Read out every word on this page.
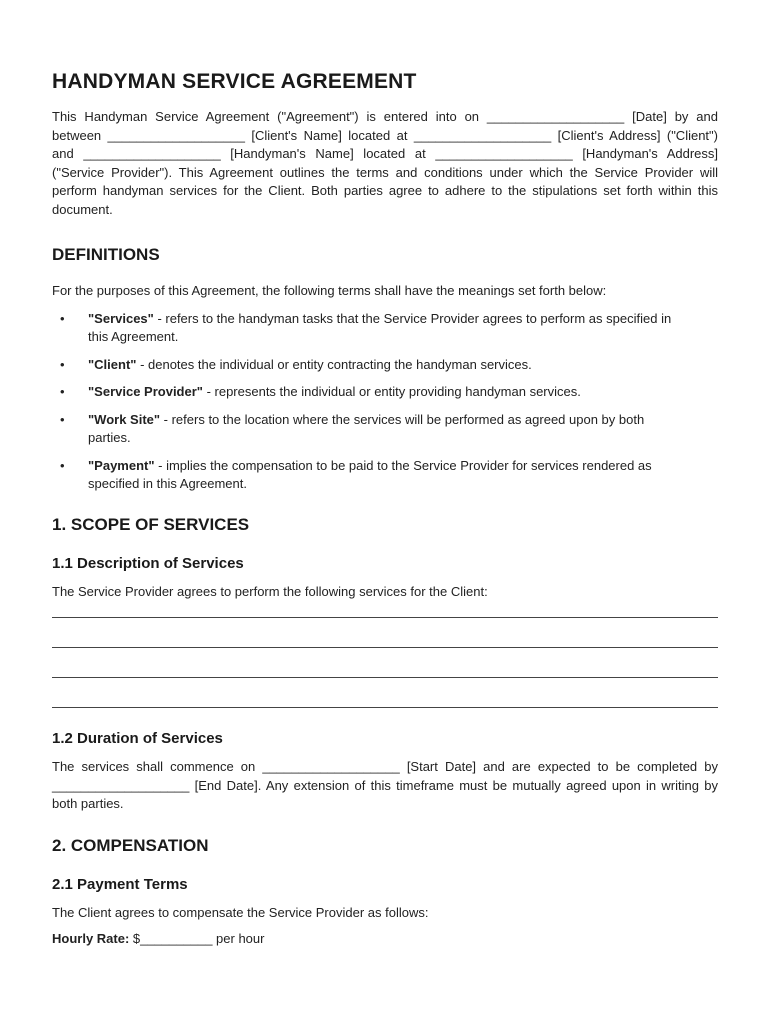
HANDYMAN SERVICE AGREEMENT

This Handyman Service Agreement ("Agreement") is entered into on ___________________ [Date] by and between ___________________ [Client's Name] located at ___________________ [Client's Address] ("Client") and ___________________ [Handyman's Name] located at ___________________ [Handyman's Address] ("Service Provider"). This Agreement outlines the terms and conditions under which the Service Provider will perform handyman services for the Client. Both parties agree to adhere to the stipulations set forth within this document.

DEFINITIONS

For the purposes of this Agreement, the following terms shall have the meanings set forth below:

• "Services" - refers to the handyman tasks that the Service Provider agrees to perform as specified in this Agreement.
• "Client" - denotes the individual or entity contracting the handyman services.
• "Service Provider" - represents the individual or entity providing handyman services.
• "Work Site" - refers to the location where the services will be performed as agreed upon by both parties.
• "Payment" - implies the compensation to be paid to the Service Provider for services rendered as specified in this Agreement.
1. SCOPE OF SERVICES
1.1 Description of Services

The Service Provider agrees to perform the following services for the Client:

1.2 Duration of Services

The services shall commence on ___________________ [Start Date] and are expected to be completed by ___________________ [End Date]. Any extension of this timeframe must be mutually agreed upon in writing by both parties.

2. COMPENSATION
2.1 Payment Terms

The Client agrees to compensate the Service Provider as follows:

Hourly Rate: $__________ per hour
